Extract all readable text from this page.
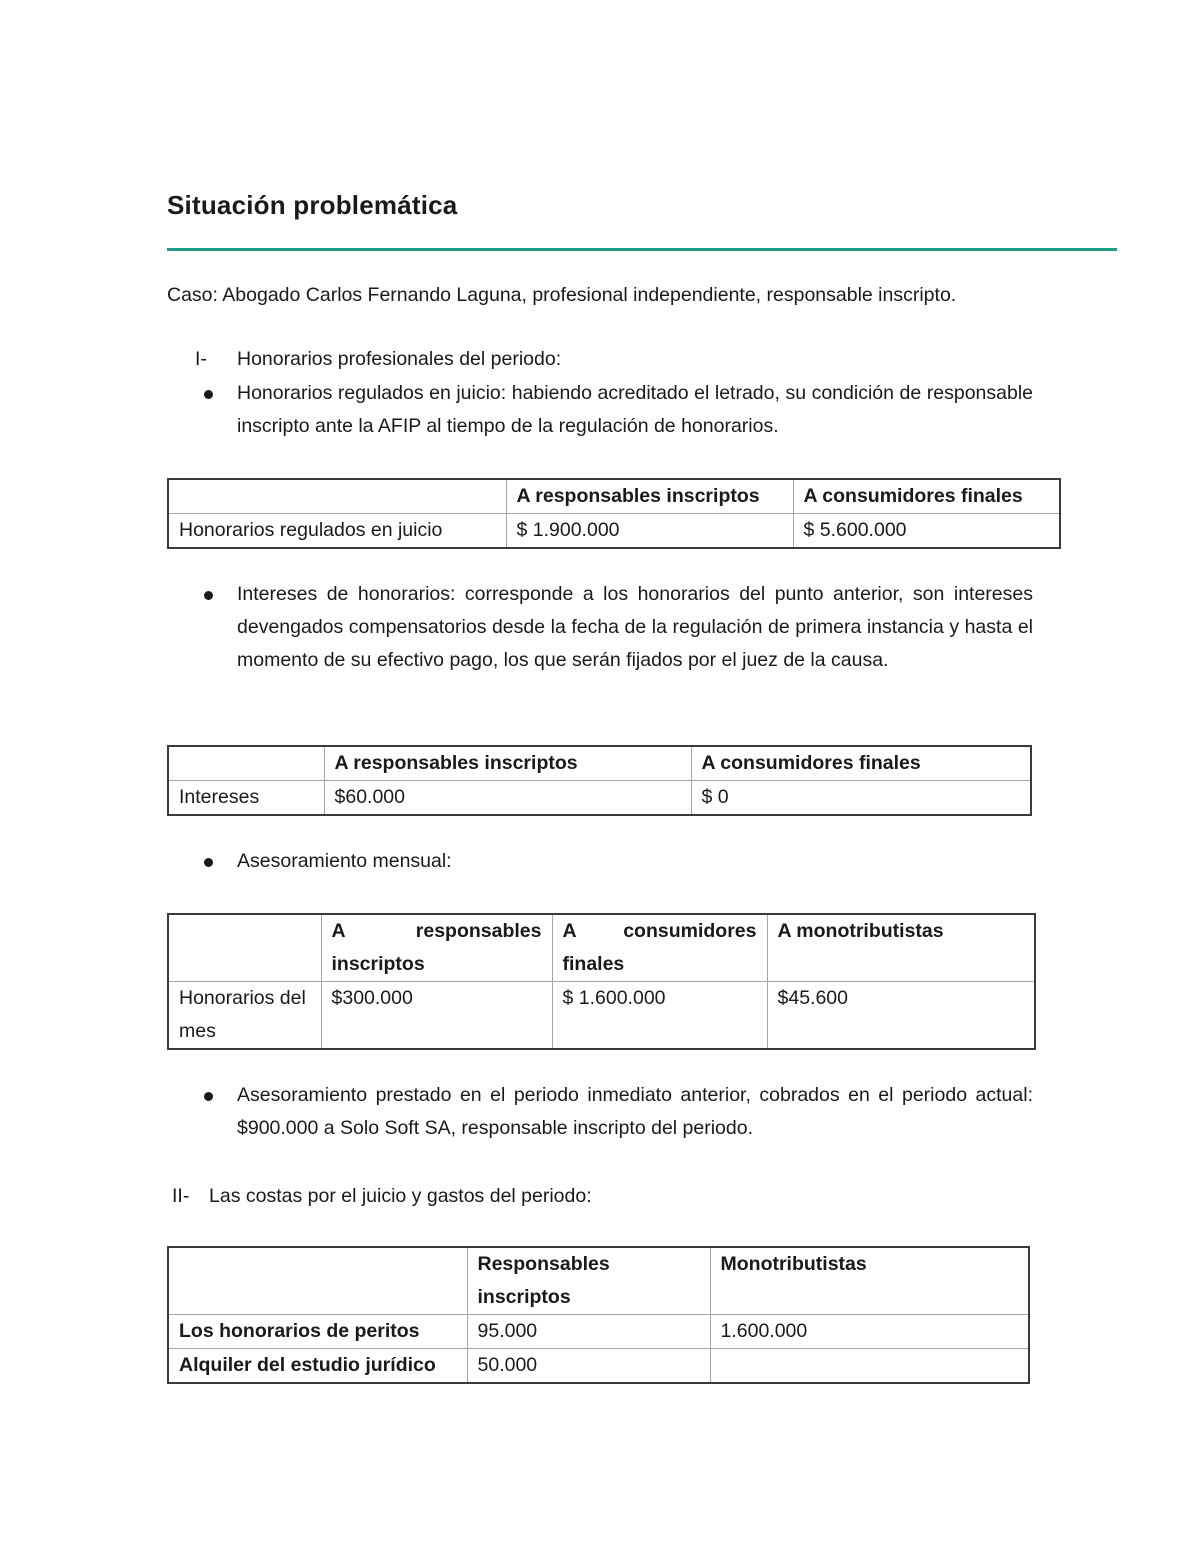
Situación problemática

Caso: Abogado Carlos Fernando Laguna, profesional independiente, responsable inscripto.

I- Honorarios profesionales del periodo:

Honorarios regulados en juicio: habiendo acreditado el letrado, su condición de responsable inscripto ante la AFIP al tiempo de la regulación de honorarios.

	A responsables inscriptos	A consumidores finales
Honorarios regulados en juicio	$ 1.900.000	$ 5.600.000

Intereses de honorarios: corresponde a los honorarios del punto anterior, son intereses devengados compensatorios desde la fecha de la regulación de primera instancia y hasta el momento de su efectivo pago, los que serán fijados por el juez de la causa.

	A responsables inscriptos	A consumidores finales
Intereses	$60.000	$ 0

Asesoramiento mensual:

	A responsables inscriptos	A consumidores finales	A monotributistas
Honorarios del mes	$300.000	$ 1.600.000	$45.600

Asesoramiento prestado en el periodo inmediato anterior, cobrados en el periodo actual: $900.000 a Solo Soft SA, responsable inscripto del periodo.

II- Las costas por el juicio y gastos del periodo:
	Responsables inscriptos	Monotributistas
Los honorarios de peritos	95.000	1.600.000
Alquiler del estudio jurídico	50.000	
